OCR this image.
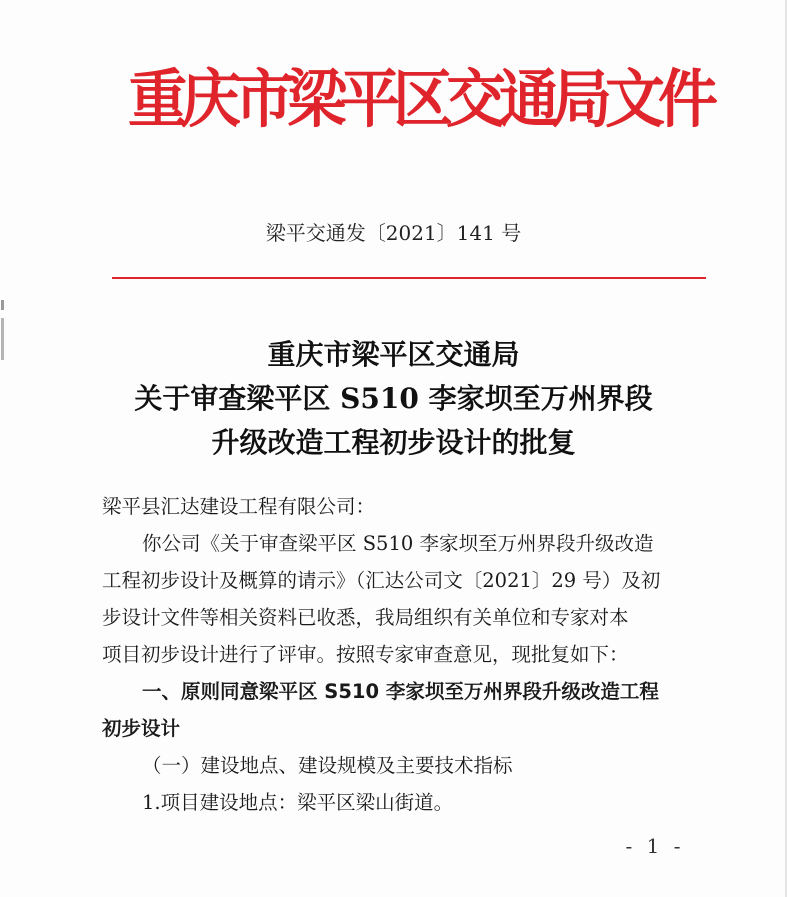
重庆市梁平区交通局文件
梁平交通发〔2021〕141 号
重庆市梁平区交通局
关于审查梁平区 S510 李家坝至万州界段
升级改造工程初步设计的批复
梁平县汇达建设工程有限公司：
你公司《关于审查梁平区 S510 李家坝至万州界段升级改造
工程初步设计及概算的请示》（汇达公司文〔2021〕29 号）及初
步设计文件等相关资料已收悉，我局组织有关单位和专家对本
项目初步设计进行了评审。按照专家审查意见，现批复如下：
一、原则同意梁平区 S510 李家坝至万州界段升级改造工程
初步设计
（一）建设地点、建设规模及主要技术指标
1.项目建设地点：梁平区梁山街道。
- 1 -
